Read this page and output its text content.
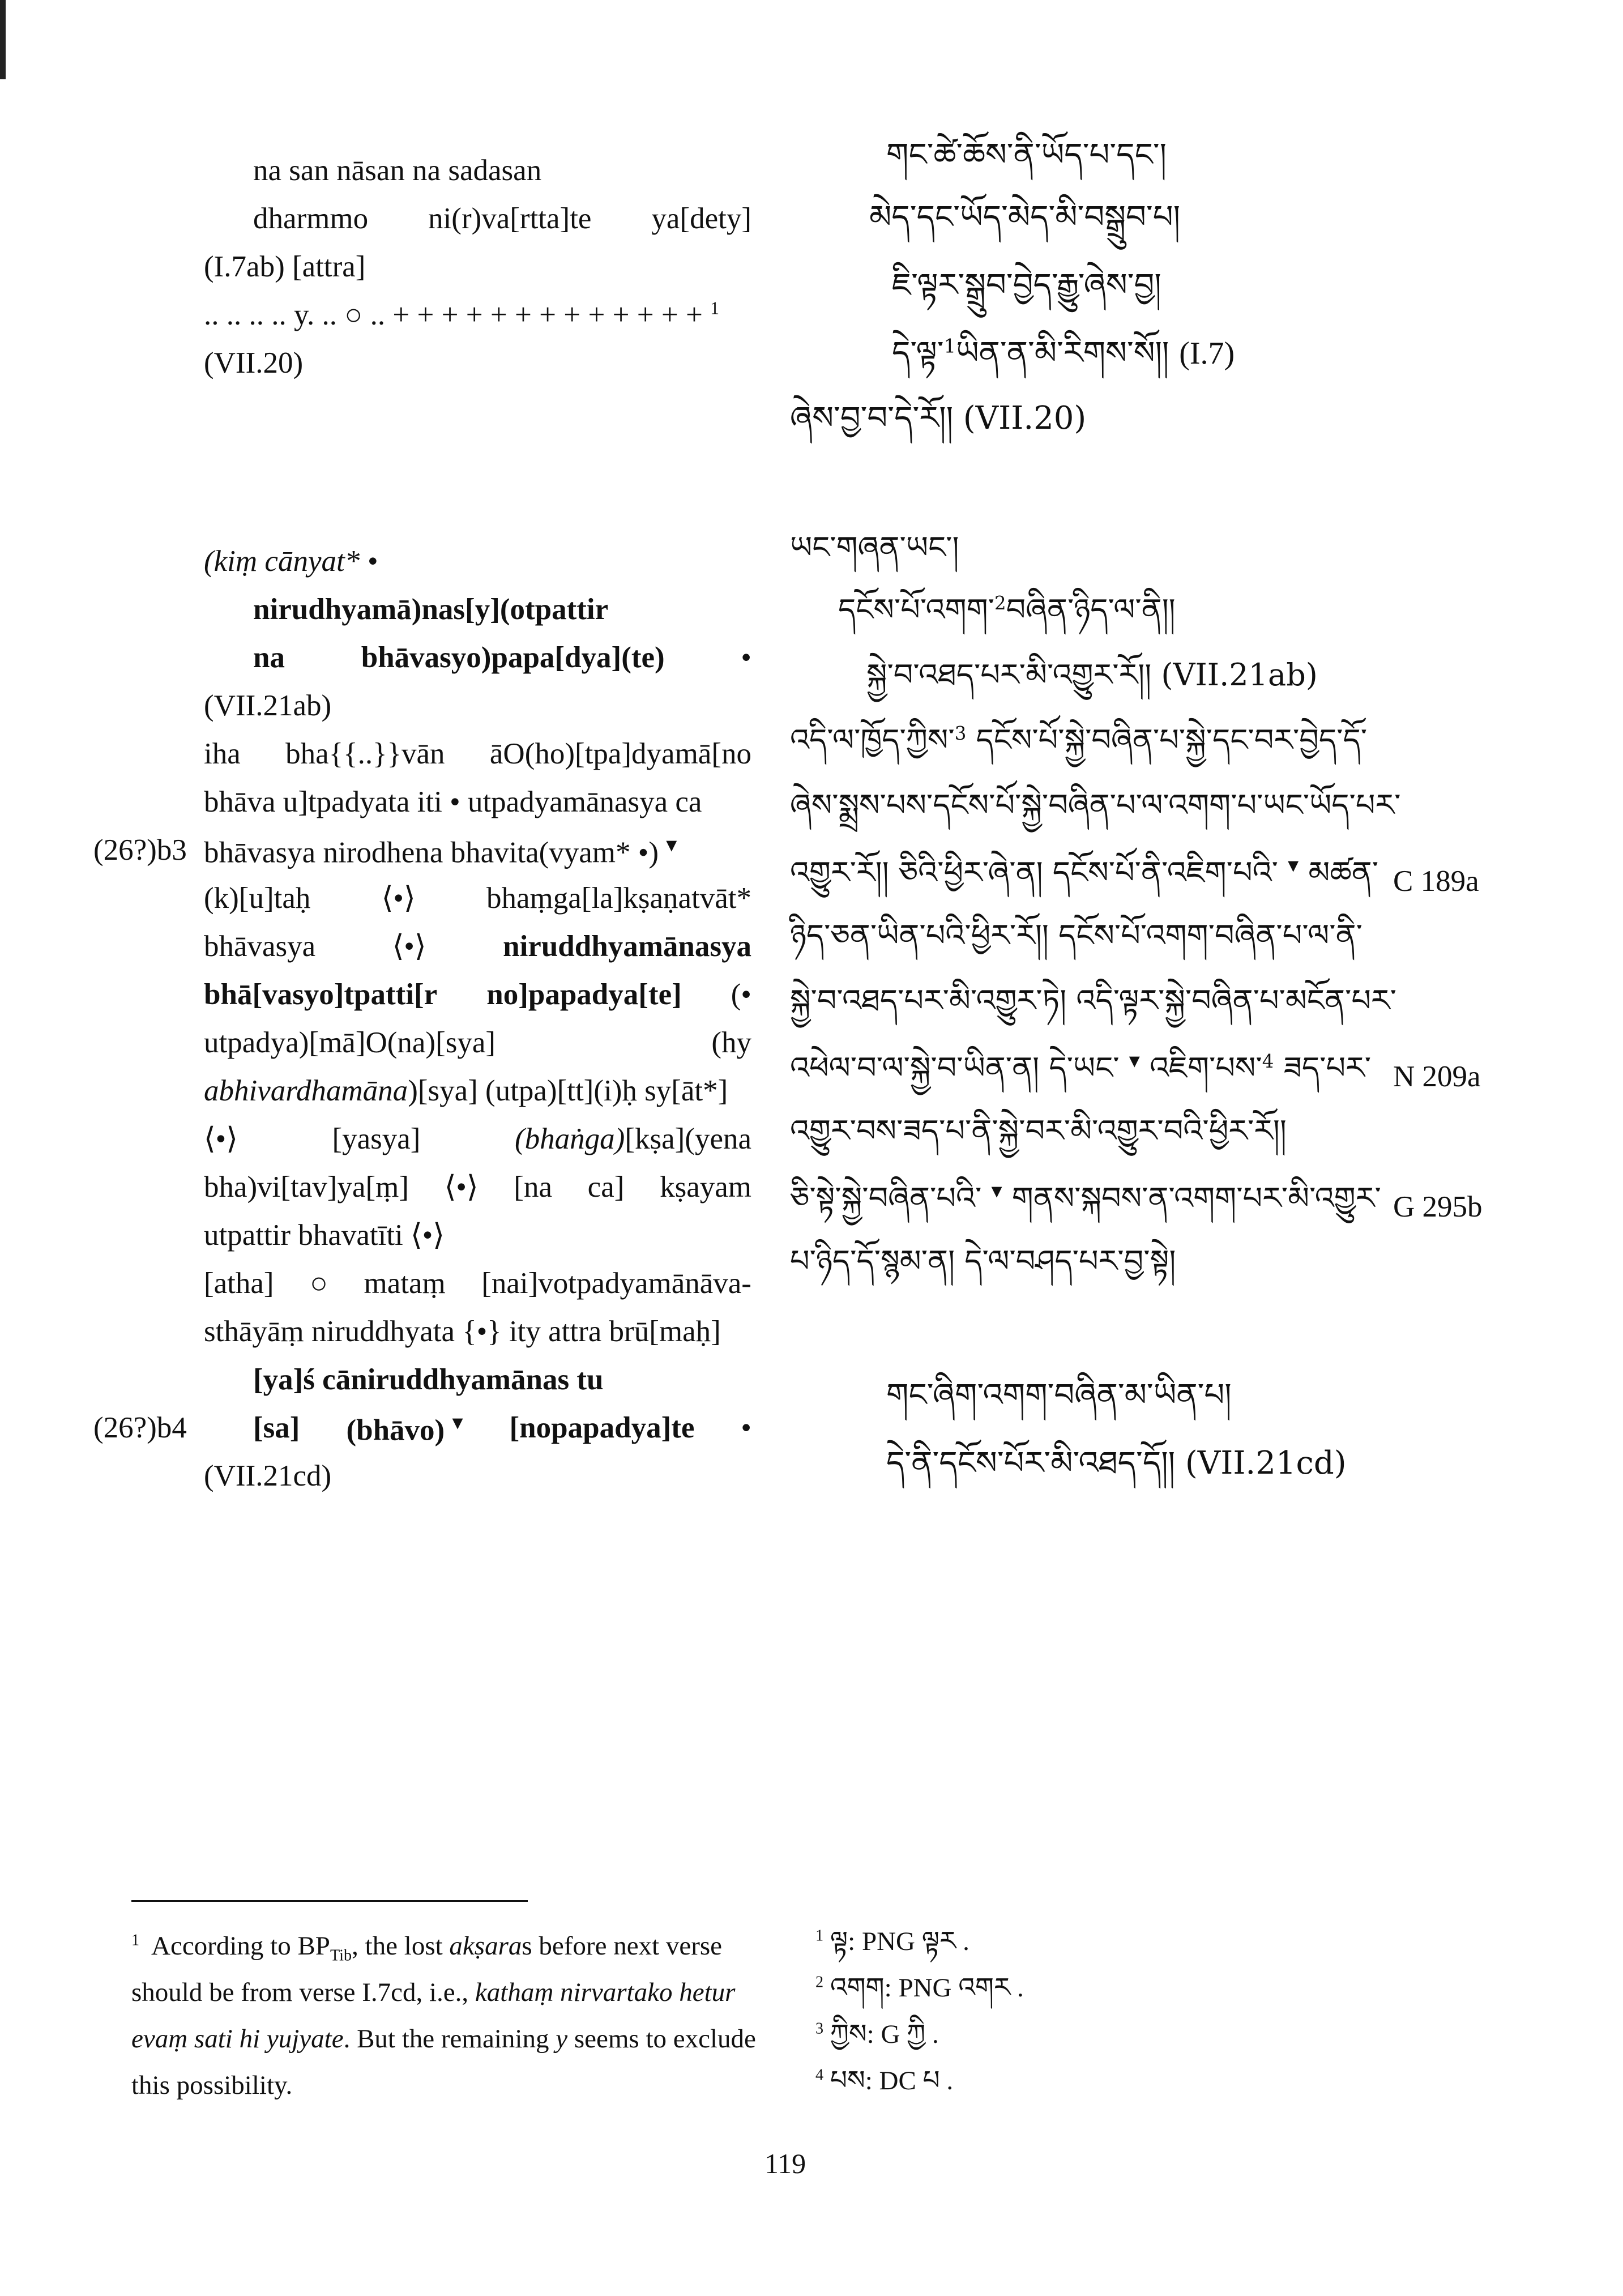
na san nāsan na sadasan
dharmmo ni(r)va[rtta]te ya[dety]
(I.7ab) [attra]
.. .. .. .. y. .. ○ .. + + + + + + + + + + + + + $^1$
(VII.20)
གང་ཚེ་ཆོས་ནི་ཡོད་པ་དང་།
མེད་དང་ཡོད་མེད་མི་བསྒྲུབ་པ།
ཇི་ལྟར་སྒྲུབ་བྱེད་རྒྱུ་ཞེས་བྱ།
དེ་ལྟ་$^1$ཡིན་ན་མི་རིགས་སོ།། (I.7)
ཞེས་བྱ་བ་དེ་རོ།། (VII.20)
(kiṃ cānyat* •
nirudhyamā)nas[y](otpattir
na	bhāvasyo)papa[dya](te)	•
(VII.21ab)
iha bha{{..}}vān āO(ho)[tpa]dyamā[no
bhāva u]tpadyata iti • utpadyamānasya ca
(26?)b3 bhāvasya nirodhena bhavita(vyam* •) ▾
(k)[u]taḥ ⟨•⟩ bhaṃga[la]kṣaṇatvāt*
bhāvasya	⟨•⟩	niruddhyamānasya
bhā[vasyo]tpatti[r no]papadya[te] (•
utpadya)[mā]O(na)[sya]	(hy
abhivardhamāna)[sya] (utpa)[tt](i)ḥ sy[āt*]
⟨•⟩	[yasya]	(bhaṅga)[kṣa](yena
bha)vi[tav]ya[ṃ] ⟨•⟩ [na ca] kṣayam
utpattir bhavatīti ⟨•⟩
[atha] ○ mataṃ [nai]votpadyamānāva-
sthāyāṃ niruddhyata {•} ity attra brū[maḥ]
[ya]ś cāniruddhyamānas tu
(26?)b4 [sa] (bhāvo) ▾ [nopapadya]te •
(VII.21cd)
ཡང་གཞན་ཡང་།
དངོས་པོ་འགག་$^2$བཞིན་ཉིད་ལ་ནི།།
སྐྱེ་བ་འཐད་པར་མི་འགྱུར་རོ།། (VII.21ab)
འདི་ལ་ཁྱོད་ཀྱིས་$^3$ དངོས་པོ་སྐྱེ་བཞིན་པ་སྐྱེ་དང་བར་བྱེད་དོ་
ཞེས་སྨྲས་པས་དངོས་པོ་སྐྱེ་བཞིན་པ་ལ་འགག་པ་ཡང་ཡོད་པར་
འགྱུར་རོ།། ཅིའི་ཕྱིར་ཞེ་ན། དངོས་པོ་ནི་འཇིག་པའི་ ▾ མཚན་
ཉིད་ཅན་ཡིན་པའི་ཕྱིར་རོ།། དངོས་པོ་འགག་བཞིན་པ་ལ་ནི་
སྐྱེ་བ་འཐད་པར་མི་འགྱུར་ཏེ། འདི་ལྟར་སྐྱེ་བཞིན་པ་མངོན་པར་
འཕེལ་བ་ལ་སྐྱེ་བ་ཡིན་ན། དེ་ཡང་ ▾ འཇིག་པས་$^4$ ཟད་པར་
འགྱུར་བས་ཟད་པ་ནི་སྐྱེ་བར་མི་འགྱུར་བའི་ཕྱིར་རོ།།
ཅི་སྟེ་སྐྱེ་བཞིན་པའི་ ▾ གནས་སྐབས་ན་འགག་པར་མི་འགྱུར་
པ་ཉིད་དོ་སྙམ་ན། དེ་ལ་བཤད་པར་བྱ་སྟེ།
C 189a
N 209a
G 295b
གང་ཞིག་འགག་བཞིན་མ་ཡིན་པ།
དེ་ནི་དངོས་པོར་མི་འཐད་དོ།། (VII.21cd)
$^1$ According to $BP_{Tib}$, the lost akṣaras before next verse
should be from verse I.7cd, i.e., kathaṃ nirvartako hetur
evaṃ sati hi yujyate. But the remaining y seems to exclude
this possibility.
$^1$ ལྟ: PNG ལྟར .
$^2$ འགག: PNG འགར .
$^3$ ཀྱིས: G ཀྱི .
$^4$ པས: DC པ .
119
